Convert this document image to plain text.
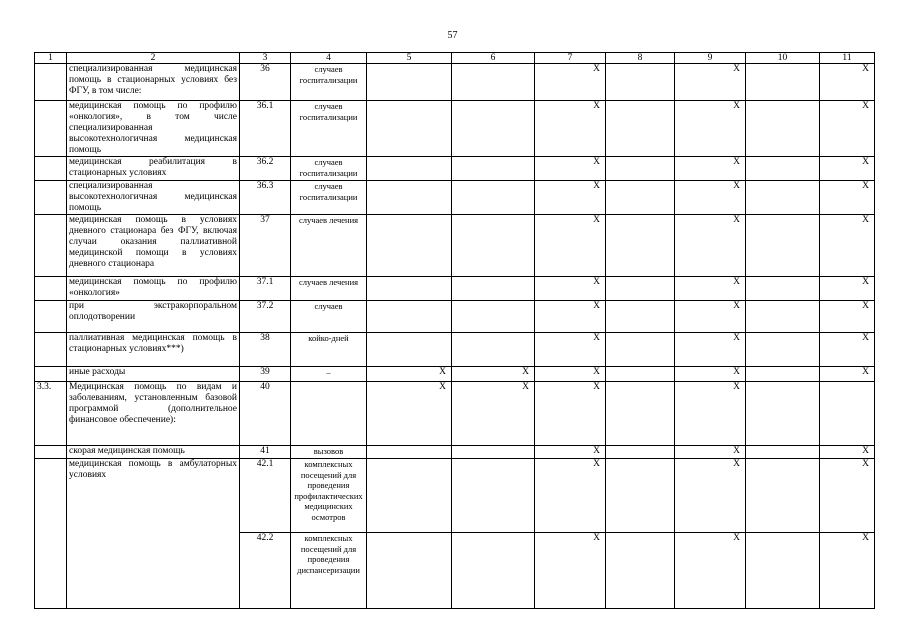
57
1	2	3	4	5	6	7	8	9	10	11
	специализированная медицинская помощь в стационарных условиях без ФГУ, в том числе:	36	случаев госпитализации			X		X		X
	медицинская помощь по профилю «онкология», в том числе специализированная высокотехнологичная медицинская помощь	36.1	случаев госпитализации			X		X		X
	медицинская реабилитация в стационарных условиях	36.2	случаев госпитализации			X		X		X
	специализированная высокотехнологичная медицинская помощь	36.3	случаев госпитализации			X		X		X
	медицинская помощь в условиях дневного стационара без ФГУ, включая случаи оказания паллиативной медицинской помощи в условиях дневного стационара	37	случаев лечения			X		X		X
	медицинская помощь по профилю «онкология»	37.1	случаев лечения			X		X		X
	при экстракорпоральном оплодотворении	37.2	случаев			X		X		X
	паллиативная медицинская помощь в стационарных условиях***)	38	койко-дней			X		X		X
	иные расходы	39	–	X	X	X		X		X
3.3.	Медицинская помощь по видам и заболеваниям, установленным базовой программой (дополнительное финансовое обеспечение):	40		X	X	X		X		
	скорая медицинская помощь	41	вызовов			X		X		X
	медицинская помощь в амбулаторных условиях	42.1	комплексных посещений для проведения профилактических медицинских осмотров			X		X		X
		42.2	комплексных посещений для проведения диспансеризации			X		X		X
